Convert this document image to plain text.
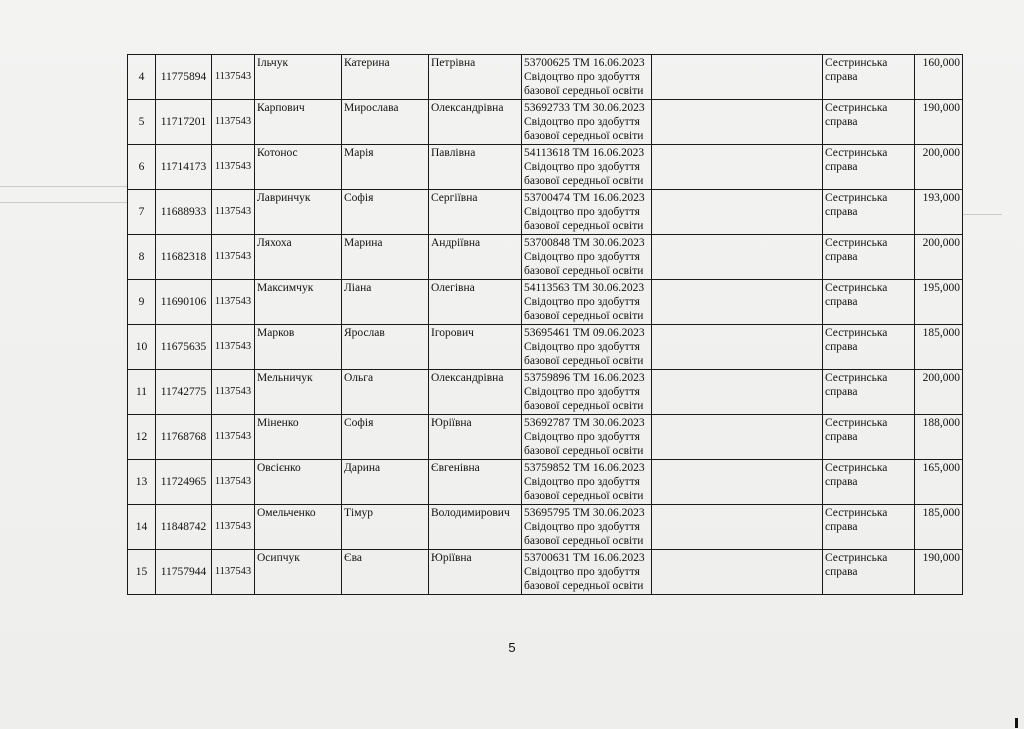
4	11775894	1137543	Ільчук	Катерина	Петрівна	53700625 ТМ 16.06.2023 Свідоцтво про здобуття базової середньої освіти		Сестринська справа	160,000
5	11717201	1137543	Карпович	Мирослава	Олександрівна	53692733 ТМ 30.06.2023 Свідоцтво про здобуття базової середньої освіти		Сестринська справа	190,000
6	11714173	1137543	Котонос	Марія	Павлівна	54113618 ТМ 16.06.2023 Свідоцтво про здобуття базової середньої освіти		Сестринська справа	200,000
7	11688933	1137543	Лавринчук	Софія	Сергіївна	53700474 ТМ 16.06.2023 Свідоцтво про здобуття базової середньої освіти		Сестринська справа	193,000
8	11682318	1137543	Ляхоха	Марина	Андріївна	53700848 ТМ 30.06.2023 Свідоцтво про здобуття базової середньої освіти		Сестринська справа	200,000
9	11690106	1137543	Максимчук	Ліана	Олегівна	54113563 ТМ 30.06.2023 Свідоцтво про здобуття базової середньої освіти		Сестринська справа	195,000
10	11675635	1137543	Марков	Ярослав	Ігорович	53695461 ТМ 09.06.2023 Свідоцтво про здобуття базової середньої освіти		Сестринська справа	185,000
11	11742775	1137543	Мельничук	Ольга	Олександрівна	53759896 ТМ 16.06.2023 Свідоцтво про здобуття базової середньої освіти		Сестринська справа	200,000
12	11768768	1137543	Міненко	Софія	Юріївна	53692787 ТМ 30.06.2023 Свідоцтво про здобуття базової середньої освіти		Сестринська справа	188,000
13	11724965	1137543	Овсієнко	Дарина	Євгенівна	53759852 ТМ 16.06.2023 Свідоцтво про здобуття базової середньої освіти		Сестринська справа	165,000
14	11848742	1137543	Омельченко	Тімур	Володимирович	53695795 ТМ 30.06.2023 Свідоцтво про здобуття базової середньої освіти		Сестринська справа	185,000
15	11757944	1137543	Осипчук	Єва	Юріївна	53700631 ТМ 16.06.2023 Свідоцтво про здобуття базової середньої освіти		Сестринська справа	190,000
5
